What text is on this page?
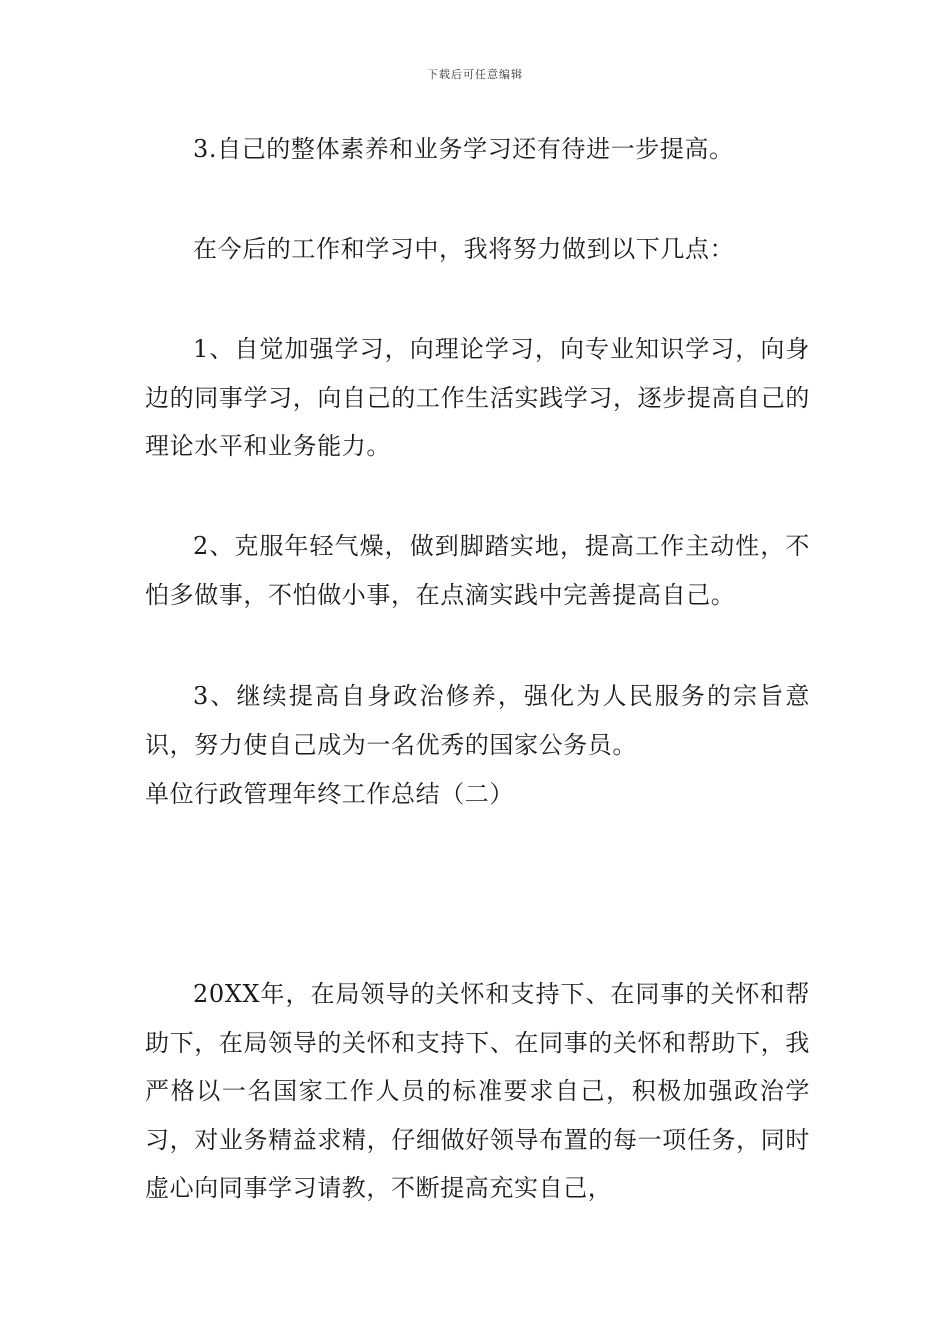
下载后可任意编辑

3.自己的整体素养和业务学习还有待进一步提高。

在今后的工作和学习中，我将努力做到以下几点：

1、自觉加强学习，向理论学习，向专业知识学习，向身边的同事学习，向自己的工作生活实践学习，逐步提高自己的理论水平和业务能力。

2、克服年轻气燥，做到脚踏实地，提高工作主动性，不怕多做事，不怕做小事，在点滴实践中完善提高自己。

3、继续提高自身政治修养，强化为人民服务的宗旨意识，努力使自己成为一名优秀的国家公务员。

单位行政管理年终工作总结（二）

20XX年，在局领导的关怀和支持下、在同事的关怀和帮助下，在局领导的关怀和支持下、在同事的关怀和帮助下，我严格以一名国家工作人员的标准要求自己，积极加强政治学习，对业务精益求精，仔细做好领导布置的每一项任务，同时虚心向同事学习请教，不断提高充实自己，
